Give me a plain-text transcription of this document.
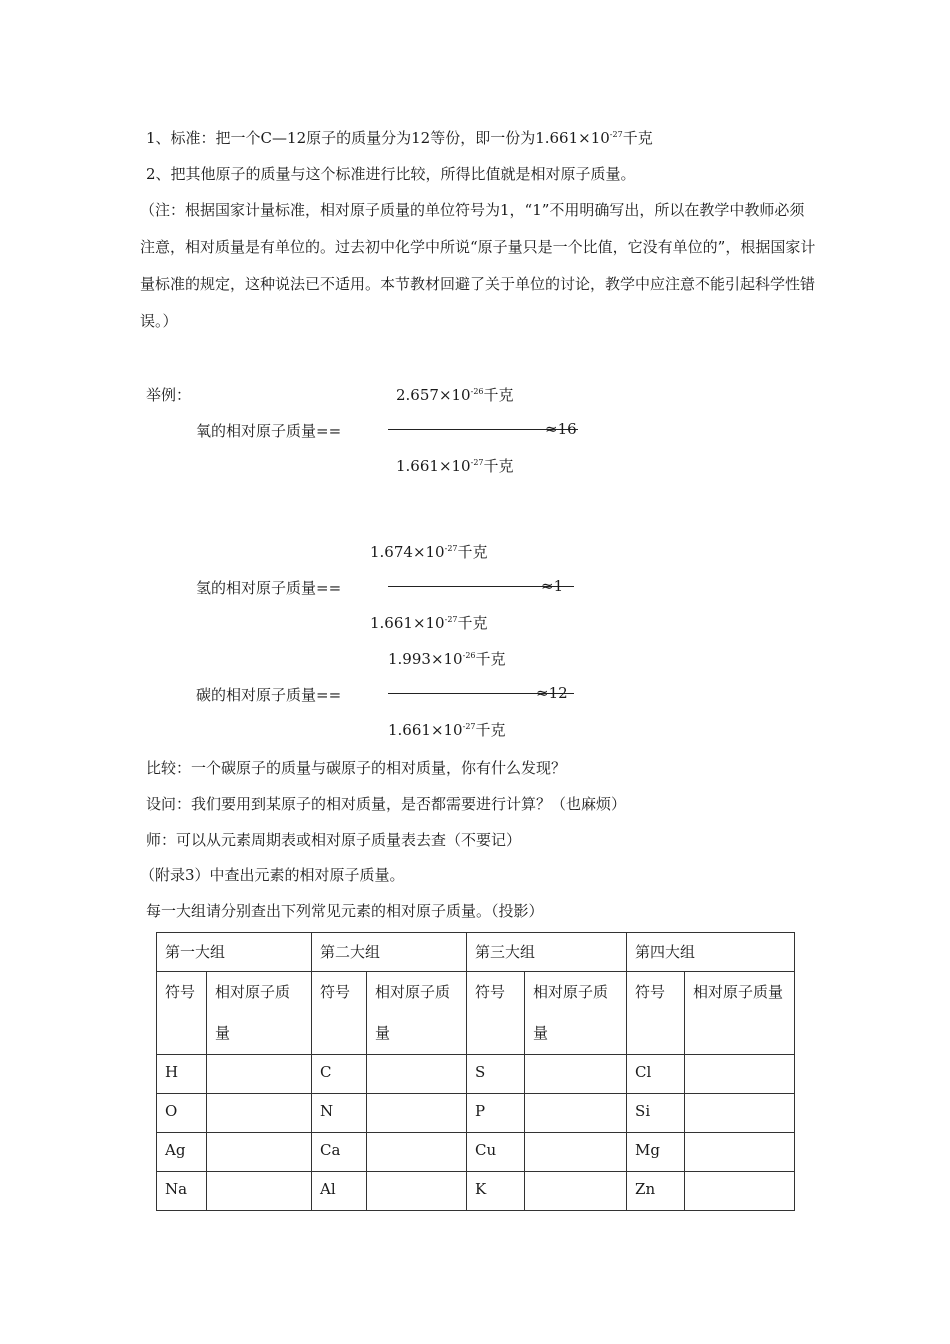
1、标准：把一个C—12原子的质量分为12等份，即一份为$1.661\times 10^{-27}$千克
2、把其他原子的质量与这个标准进行比较，所得比值就是相对原子质量。
（注：根据国家计量标准，相对原子质量的单位符号为1，“1”不用明确写出，所以在教学中教师必须注意，相对质量是有单位的。过去初中化学中所说“原子量只是一个比值，它没有单位的”，根据国家计量标准的规定，这种说法已不适用。本节教材回避了关于单位的讨论，教学中应注意不能引起科学性错误。）
举例：	$2.657\times 10^{-26}$千克
氧的相对原子质量==	≈16
$1.661\times 10^{-27}$千克
$1.674\times 10^{-27}$千克
氢的相对原子质量==	≈1
$1.661\times 10^{-27}$千克
$1.993\times 10^{-26}$千克
碳的相对原子质量==	≈12
$1.661\times 10^{-27}$千克
比较：一个碳原子的质量与碳原子的相对质量，你有什么发现？
设问：我们要用到某原子的相对质量，是否都需要进行计算？（也麻烦）
师：可以从元素周期表或相对原子质量表去查（不要记）
（附录3）中查出元素的相对原子质量。
每一大组请分别查出下列常见元素的相对原子质量。（投影）
第一大组		第二大组		第三大组		第四大组	
符号	相对原子质量	符号	相对原子质量	符号	相对原子质量	符号	相对原子质量
H		C		S		Cl	
O		N		P		Si	
Ag		Ca		Cu		Mg	
Na		Al		K		Zn	
